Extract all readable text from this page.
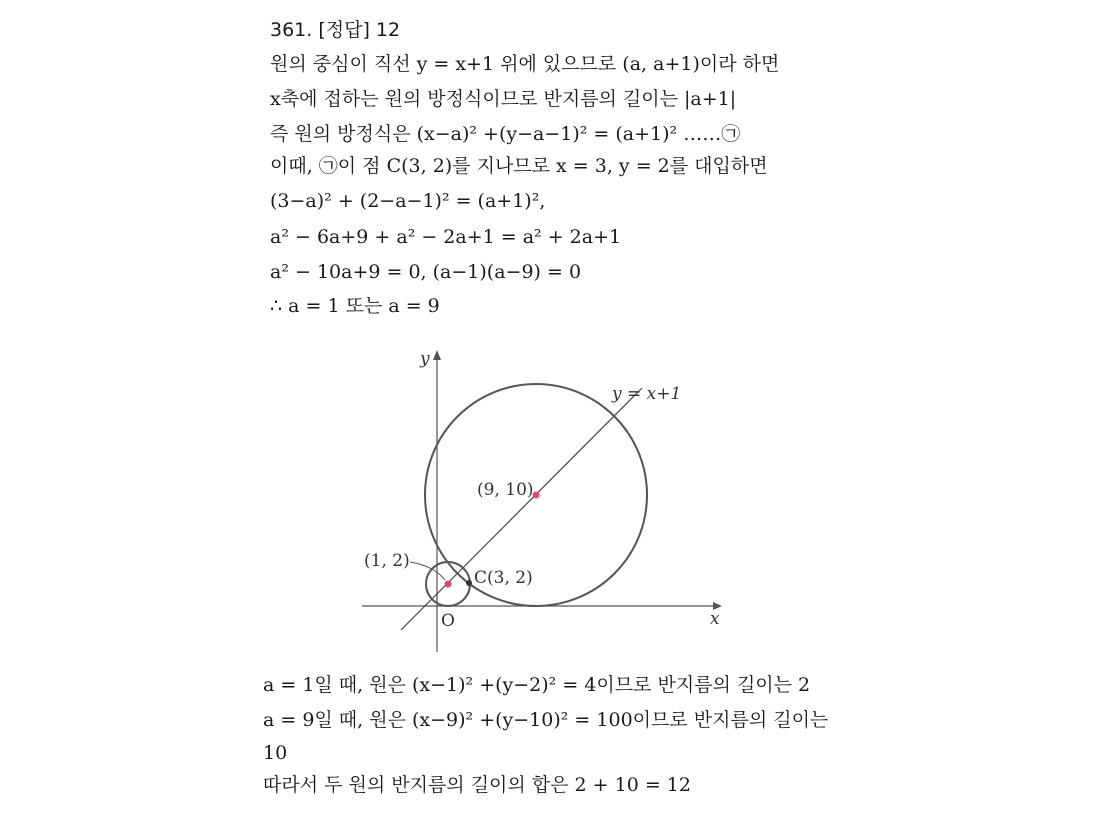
361. [정답] 12
원의 중심이 직선 y = x+1 위에 있으므로 (a, a+1)이라 하면
x축에 접하는 원의 방정식이므로 반지름의 길이는 |a+1|
즉 원의 방정식은 (x−a)² +(y−a−1)² = (a+1)² ……㉠
이때, ㉠이 점 C(3, 2)를 지나므로 x = 3, y = 2를 대입하면
(3−a)² + (2−a−1)² = (a+1)²,
a² − 6a+9 + a² − 2a+1 = a² + 2a+1
a² − 10a+9 = 0, (a−1)(a−9) = 0
∴ a = 1 또는 a = 9
x
y
O
y = x+1
(9, 10)
(1, 2)
C(3, 2)
a = 1일 때, 원은 (x−1)² +(y−2)² = 4이므로 반지름의 길이는 2
a = 9일 때, 원은 (x−9)² +(y−10)² = 100이므로 반지름의 길이는
10
따라서 두 원의 반지름의 길이의 합은 2 + 10 = 12
